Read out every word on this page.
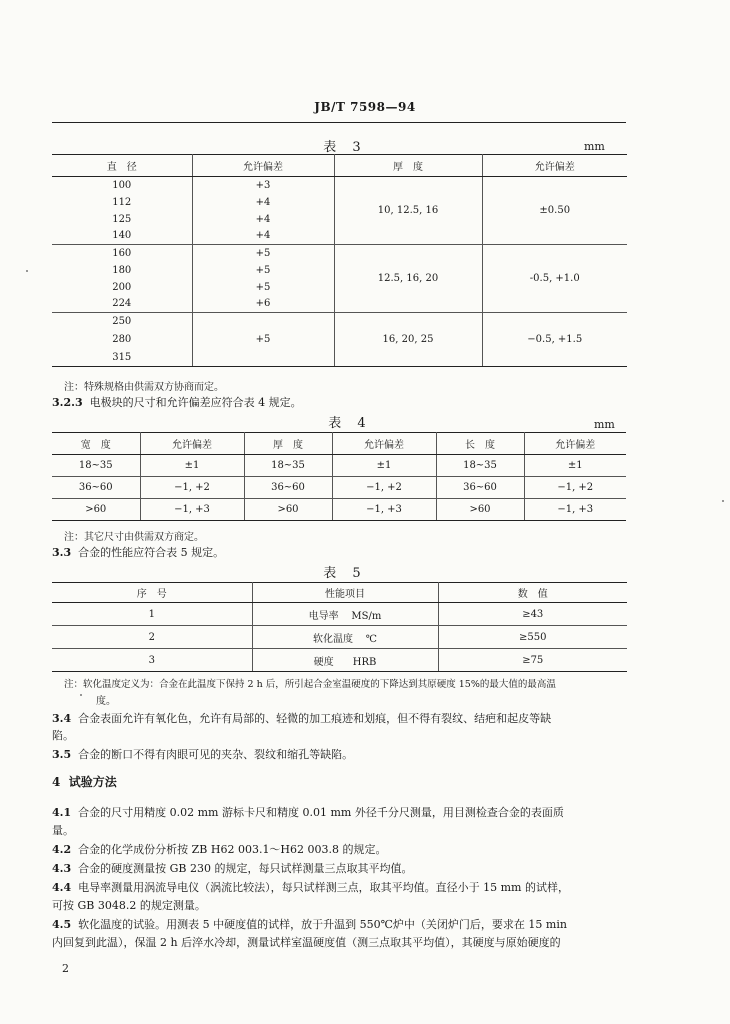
JB/T 7598—94
表 3	mm
直　径	允许偏差	厚　度	允许偏差
100	+3	10, 12.5, 16	±0.50
112	+4		
125	+4		
140	+4		
160	+5	12.5, 16, 20	-0.5, +1.0
180	+5		
200	+5		
224	+6		
250	+5	16, 20, 25	−0.5, +1.5
280			
315			
注：特殊规格由供需双方协商而定。
3.2.3 电极块的尺寸和允许偏差应符合表 4 规定。
表 4	mm
宽　度	允许偏差	厚　度	允许偏差	长　度	允许偏差
18~35	±1	18~35	±1	18~35	±1
36~60	−1, +2	36~60	−1, +2	36~60	−1, +2
>60	−1, +3	>60	−1, +3	>60	−1, +3
注：其它尺寸由供需双方商定。
3.3 合金的性能应符合表 5 规定。
表 5
序　号	性能项目	数　值
1	电导率 MS/m	≥43
2	软化温度 ℃	≥550
3	硬度 HRB	≥75
注：软化温度定义为：合金在此温度下保持 2 h 后，所引起合金室温硬度的下降达到其原硬度 15%的最大值的最高温
度。
3.4 合金表面允许有氧化色，允许有局部的、轻微的加工痕迹和划痕，但不得有裂纹、结疤和起皮等缺
陷。
3.5 合金的断口不得有肉眼可见的夹杂、裂纹和缩孔等缺陷。
4 试验方法
4.1 合金的尺寸用精度 0.02 mm 游标卡尺和精度 0.01 mm 外径千分尺测量，用目测检查合金的表面质
量。
4.2 合金的化学成份分析按 ZB H62 003.1～H62 003.8 的规定。
4.3 合金的硬度测量按 GB 230 的规定，每只试样测量三点取其平均值。
4.4 电导率测量用涡流导电仪（涡流比较法），每只试样测三点，取其平均值。直径小于 15 mm 的试样，
可按 GB 3048.2 的规定测量。
4.5 软化温度的试验。用测表 5 中硬度值的试样，放于升温到 550℃炉中（关闭炉门后，要求在 15 min
内回复到此温），保温 2 h 后淬水冷却，测量试样室温硬度值（测三点取其平均值），其硬度与原始硬度的
2
